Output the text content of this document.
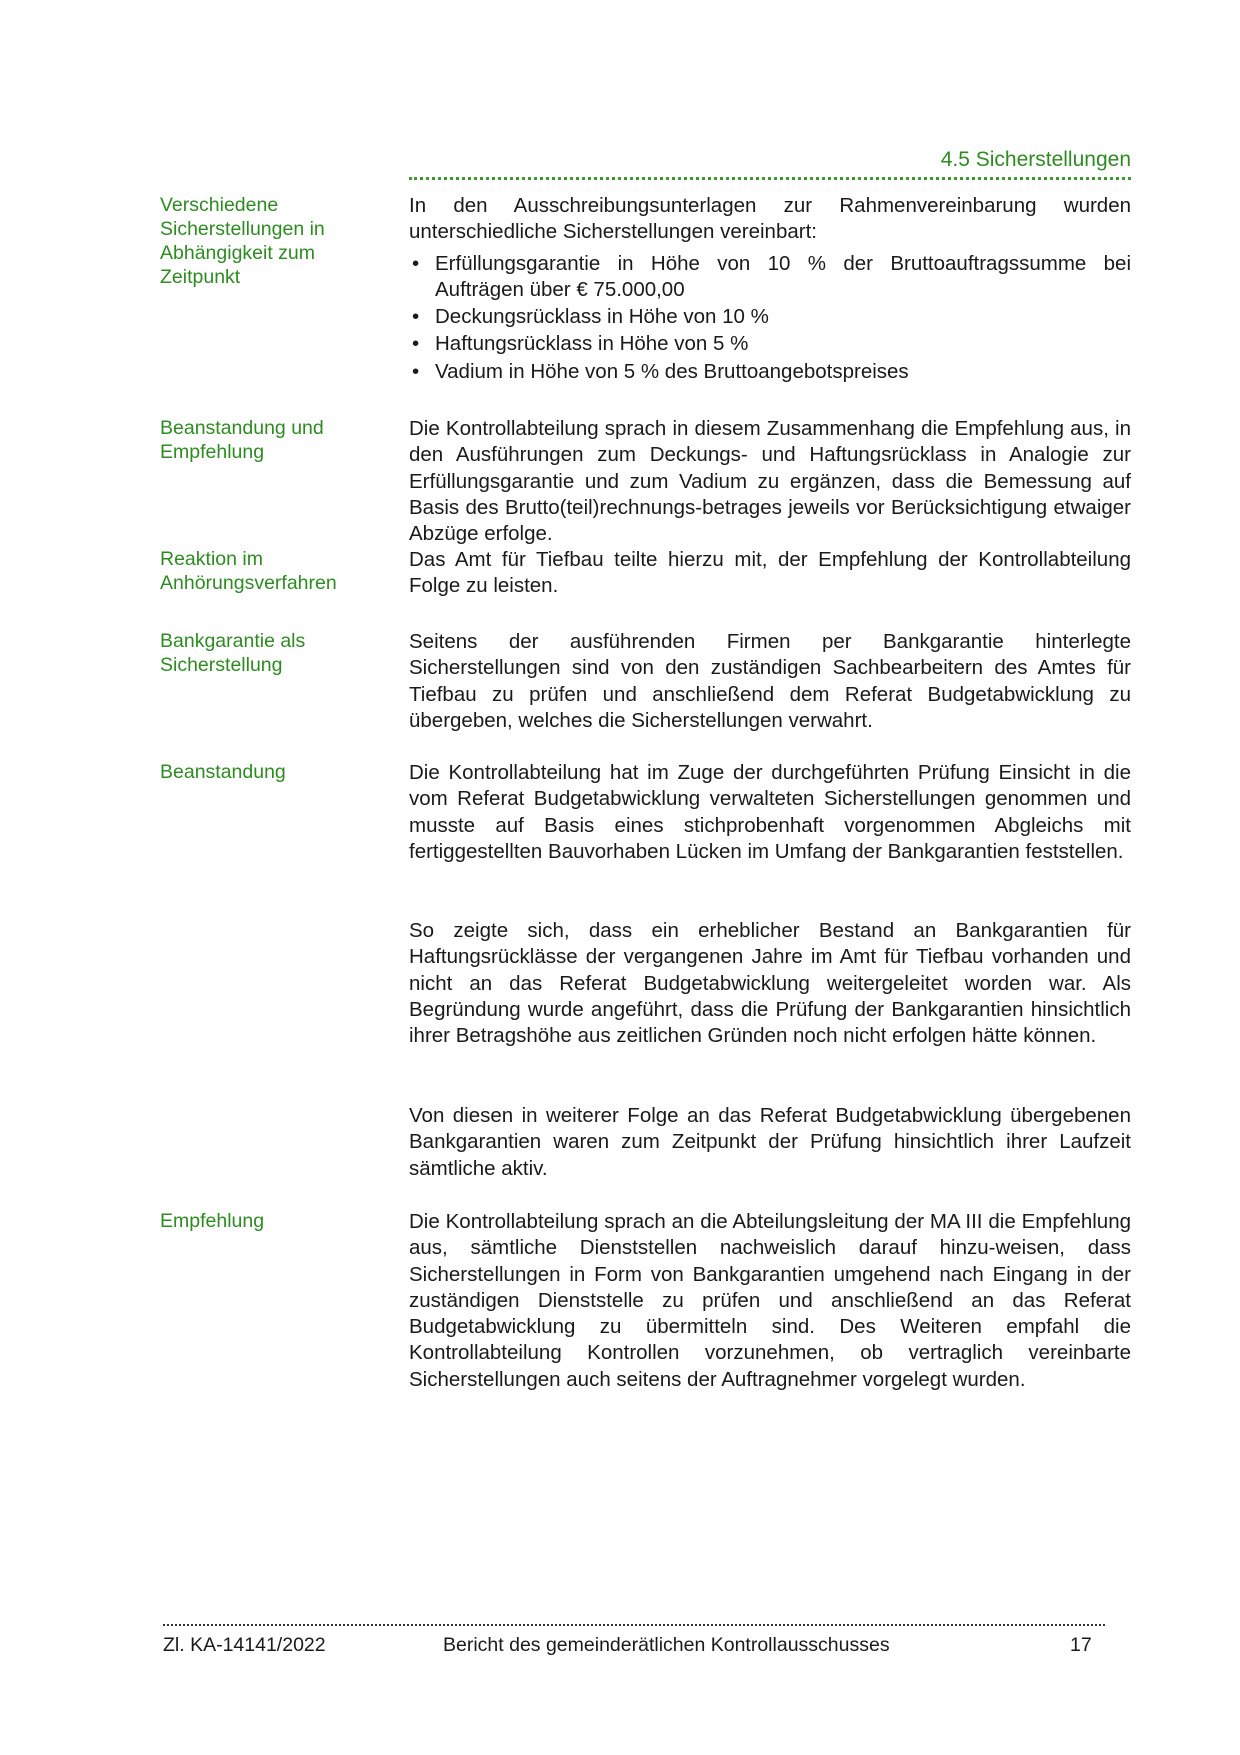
4.5 Sicherstellungen
Verschiedene Sicherstellungen in Abhängigkeit zum Zeitpunkt

In den Ausschreibungsunterlagen zur Rahmenvereinbarung wurden unterschiedliche Sicherstellungen vereinbart:

• Erfüllungsgarantie in Höhe von 10 % der Bruttoauftragssumme bei Aufträgen über € 75.000,00
• Deckungsrücklass in Höhe von 10 %
• Haftungsrücklass in Höhe von 5 %
• Vadium in Höhe von 5 % des Bruttoangebotspreises
Beanstandung und Empfehlung
Die Kontrollabteilung sprach in diesem Zusammenhang die Empfehlung aus, in den Ausführungen zum Deckungs- und Haftungsrücklass in Analogie zur Erfüllungsgarantie und zum Vadium zu ergänzen, dass die Bemessung auf Basis des Brutto(teil)rechnungs-betrages jeweils vor Berücksichtigung etwaiger Abzüge erfolge.
Reaktion im Anhörungsverfahren
Das Amt für Tiefbau teilte hierzu mit, der Empfehlung der Kontrollabteilung Folge zu leisten.
Bankgarantie als Sicherstellung
Seitens der ausführenden Firmen per Bankgarantie hinterlegte Sicherstellungen sind von den zuständigen Sachbearbeitern des Amtes für Tiefbau zu prüfen und anschließend dem Referat Budgetabwicklung zu übergeben, welches die Sicherstellungen verwahrt.
Beanstandung	Die Kontrollabteilung hat im Zuge der durchgeführten Prüfung Einsicht in die vom Referat Budgetabwicklung verwalteten Sicherstellungen genommen und musste auf Basis eines stichprobenhaft vorgenommen Abgleichs mit fertiggestellten Bauvorhaben Lücken im Umfang der Bankgarantien feststellen.
So zeigte sich, dass ein erheblicher Bestand an Bankgarantien für Haftungsrücklässe der vergangenen Jahre im Amt für Tiefbau vorhanden und nicht an das Referat Budgetabwicklung weitergeleitet worden war. Als Begründung wurde angeführt, dass die Prüfung der Bankgarantien hinsichtlich ihrer Betragshöhe aus zeitlichen Gründen noch nicht erfolgen hätte können.
Von diesen in weiterer Folge an das Referat Budgetabwicklung übergebenen Bankgarantien waren zum Zeitpunkt der Prüfung hinsichtlich ihrer Laufzeit sämtliche aktiv.
Empfehlung	Die Kontrollabteilung sprach an die Abteilungsleitung der MA III die Empfehlung aus, sämtliche Dienststellen nachweislich darauf hinzu-weisen, dass Sicherstellungen in Form von Bankgarantien umgehend nach Eingang in der zuständigen Dienststelle zu prüfen und anschließend an das Referat Budgetabwicklung zu übermitteln sind. Des Weiteren empfahl die Kontrollabteilung Kontrollen vorzunehmen, ob vertraglich vereinbarte Sicherstellungen auch seitens der Auftragnehmer vorgelegt wurden.
Zl. KA-14141/2022	Bericht des gemeinderätlichen Kontrollausschusses	17
